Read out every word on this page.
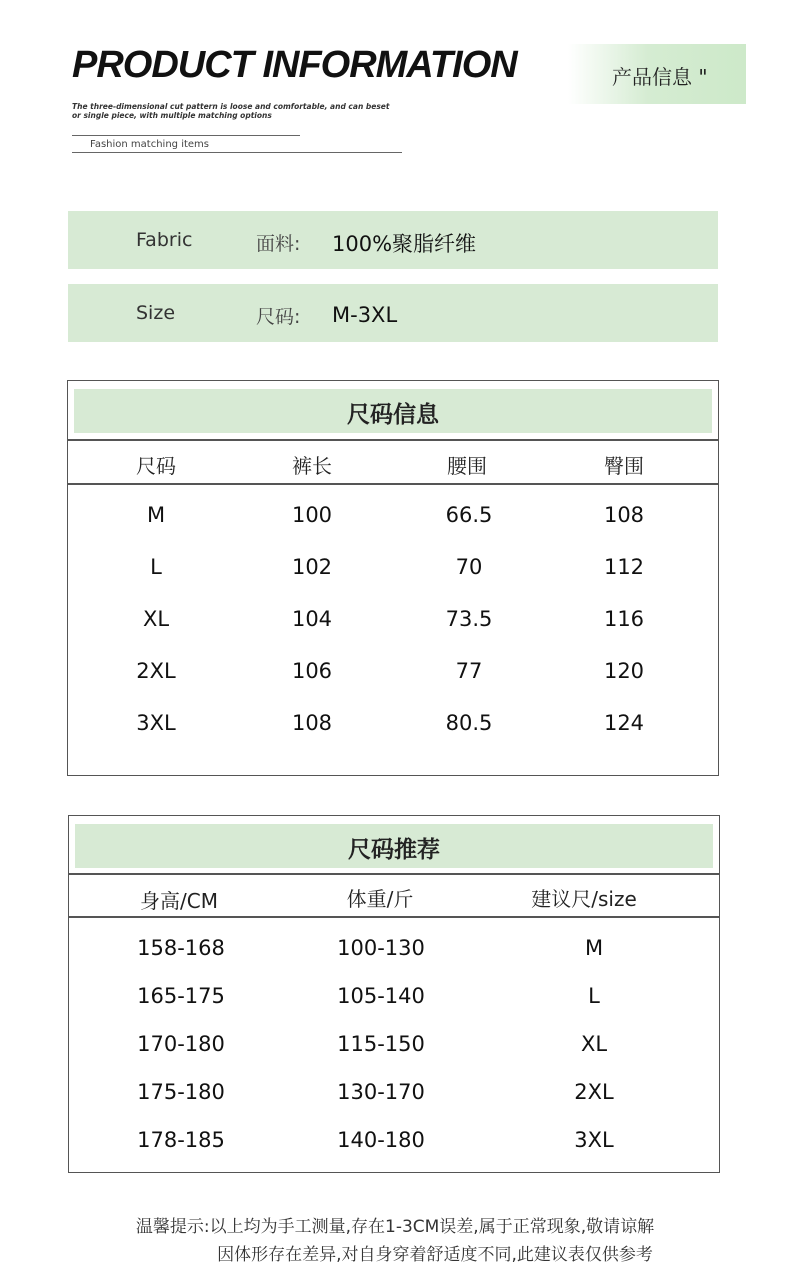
PRODUCT INFORMATION	产品信息 "
The three-dimensional cut pattern is loose and comfortable, and can beset or single piece, with multiple matching options
Fashion matching items
Fabric	面料: 100%聚脂纤维
Size	尺码: M-3XL
尺码信息
尺码	裤长	腰围	臀围
M	100	66.5	108
L	102	70	112
XL	104	73.5	116
2XL	106	77	120
3XL	108	80.5	124
尺码推荐
身高/CM	体重/斤	建议尺/size
158-168	100-130	M
165-175	105-140	L
170-180	115-150	XL
175-180	130-170	2XL
178-185	140-180	3XL
温馨提示:以上均为手工测量,存在1-3CM误差,属于正常现象,敬请谅解
因体形存在差异,对自身穿着舒适度不同,此建议表仅供参考
